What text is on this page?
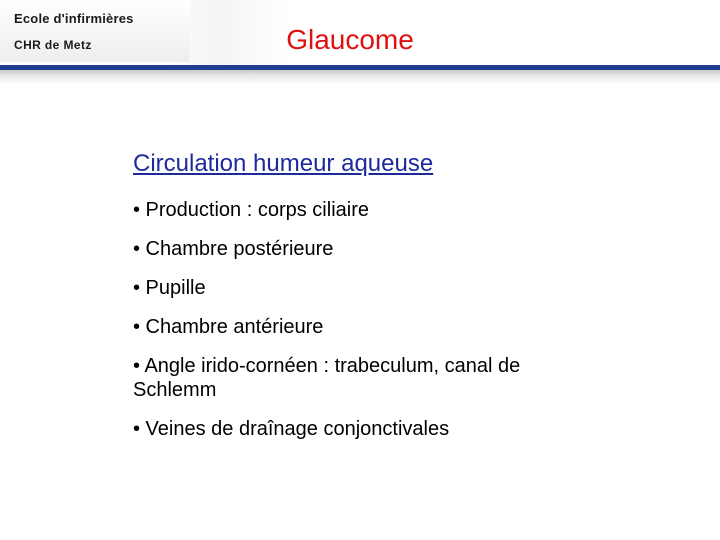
Ecole d'infirmières
CHR de Metz	Glaucome
Circulation humeur aqueuse
• Production : corps ciliaire
• Chambre postérieure
• Pupille
• Chambre antérieure
• Angle irido-cornéen : trabeculum, canal de Schlemm
• Veines de draînage conjonctivales
